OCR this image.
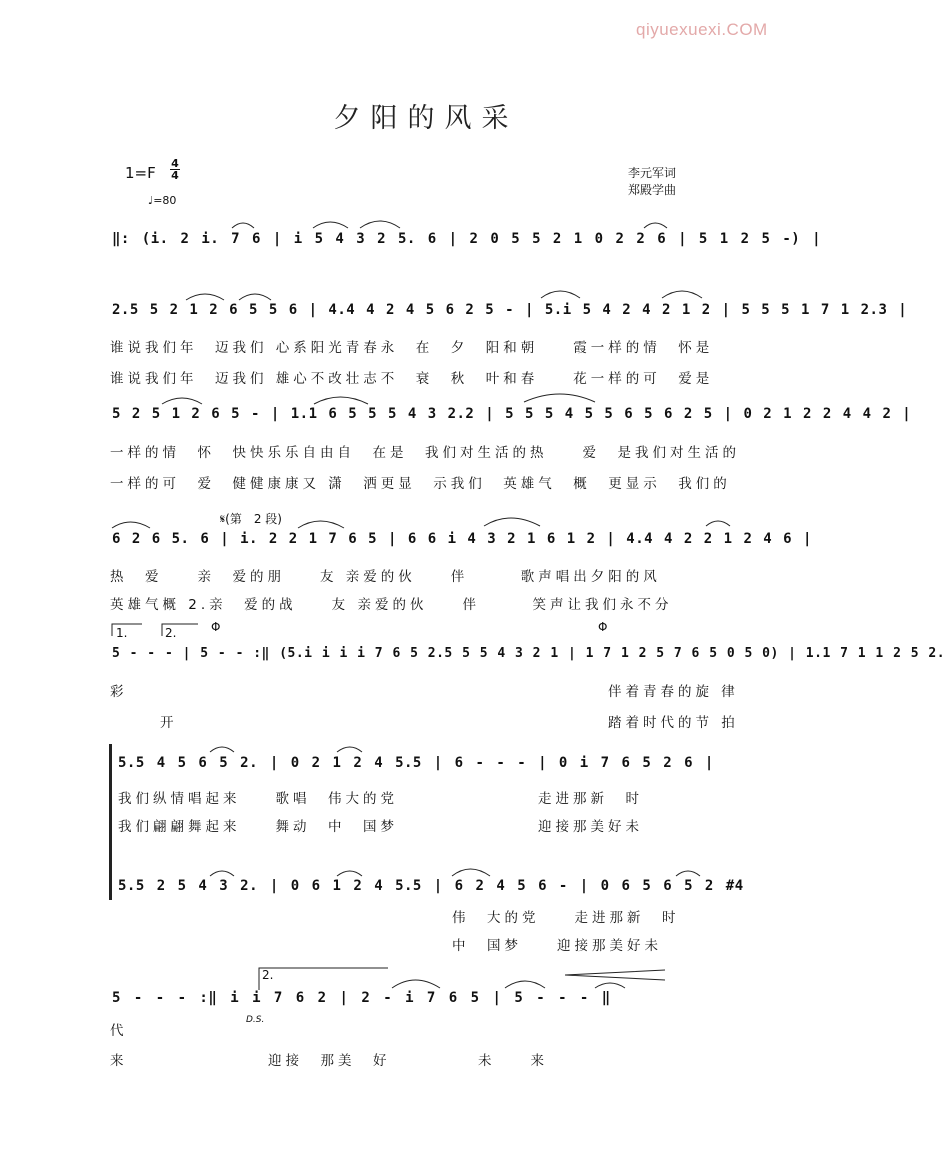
qiyuexuexi.COM
夕阳的风采
1=F
4
4
♩=80
李元军词
郑殿学曲
‖: (i. 2 i. 7 6 | i 5 4 3 2 5. 6 | 2 0 5 5 2 1 0 2 2 6 | 5 1 2 5 -) |
2.5 5 2 1 2 6 5 5 6 | 4.4 4 2 4 5 6 2 5 - | 5.i 5 4 2 4 2 1 2 | 5 5 5 1 7 1 2.3 |
谁说我们年　迈我们 心系阳光青春永　在　夕　阳和朝　　霞一样的情　怀是
谁说我们年　迈我们 雄心不改壮志不　衰　秋　叶和春　　花一样的可　爱是
5 2 5 1 2 6 5 - | 1.1 6 5 5 5 4 3 2.2 | 5 5 5 4 5 5 6 5 6 2 5 | 0 2 1 2 2 4 4 2 |
一样的情　怀　快快乐乐自由自　在是　我们对生活的热　　爱　是我们对生活的
一样的可　爱　健健康康又 潇　洒更显　示我们　英雄气　概　更显示　我们的
𝄋(第　2 段)
6 2 6 5. 6 | i. 2 2 1 7 6 5 | 6 6 i 4 3 2 1 6 1 2 | 4.4 4 2 2 1 2 4 6 |
热　爱　　亲　爱的朋　　友 亲爱的伙　　伴　　　歌声唱出夕阳的风
英雄气概 2.亲　爱的战　　友 亲爱的伙　　伴　　　笑声让我们永不分
1.	2.	Φ	Φ
5 - - - | 5 - - :‖ (5.i i i i 7 6 5 2.5 5 5 4 3 2 1 | 1 7 1 2 5 7 6 5 0 5 0) | 1.1 7 1 1 2 5 2.
彩	伴着青春的旋 律
开	踏着时代的节 拍
5.5 4 5 6 5 2. | 0 2 1 2 4 5.5 | 6 - - - | 0 i 7 6 5 2 6 |
我们纵情唱起来　　歌唱　伟大的党　　　　　　　　走进那新　时
我们翩翩舞起来　　舞动　中　国梦　　　　　　　　迎接那美好未
5.5 2 5 4 3 2. | 0 6 1 2 4 5.5 | 6 2 4 5 6 - | 0 6 5 6 5 2 #4
伟　大的党　　走进那新　时
中　国梦　　迎接那美好未
2.
D.S.
5 - - - :‖ i i 7 6 2 | 2 - i 7 6 5 | 5 - - - ‖
代
来	迎接　那美　好　　　　　未　　来
